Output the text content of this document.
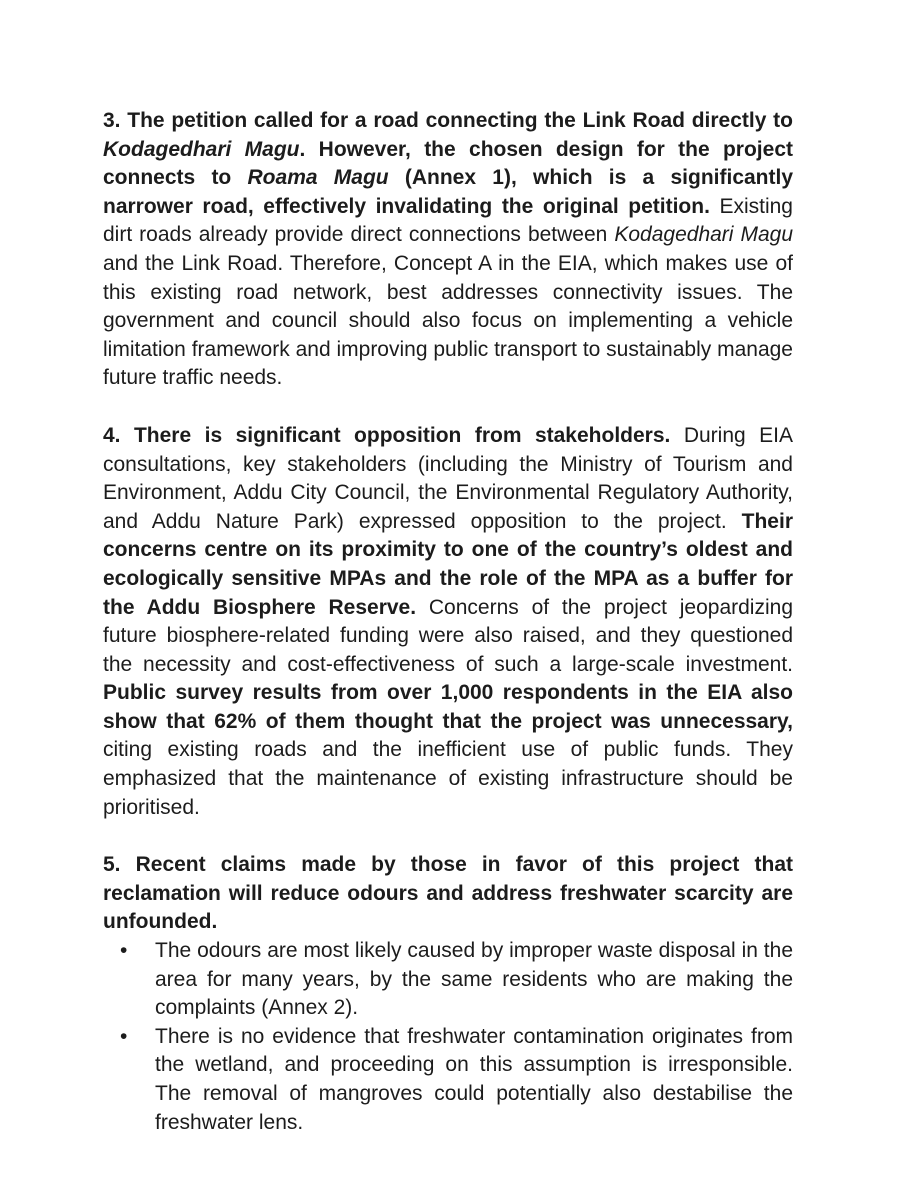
3. The petition called for a road connecting the Link Road directly to Kodagedhari Magu. However, the chosen design for the project connects to Roama Magu (Annex 1), which is a significantly narrower road, effectively invalidating the original petition. Existing dirt roads already provide direct connections between Kodagedhari Magu and the Link Road. Therefore, Concept A in the EIA, which makes use of this existing road network, best addresses connectivity issues. The government and council should also focus on implementing a vehicle limitation framework and improving public transport to sustainably manage future traffic needs.

4. There is significant opposition from stakeholders. During EIA consultations, key stakeholders (including the Ministry of Tourism and Environment, Addu City Council, the Environmental Regulatory Authority, and Addu Nature Park) expressed opposition to the project. Their concerns centre on its proximity to one of the country’s oldest and ecologically sensitive MPAs and the role of the MPA as a buffer for the Addu Biosphere Reserve. Concerns of the project jeopardizing future biosphere-related funding were also raised, and they questioned the necessity and cost-effectiveness of such a large-scale investment. Public survey results from over 1,000 respondents in the EIA also show that 62% of them thought that the project was unnecessary, citing existing roads and the inefficient use of public funds. They emphasized that the maintenance of existing infrastructure should be prioritised.

5. Recent claims made by those in favor of this project that reclamation will reduce odours and address freshwater scarcity are unfounded.

• The odours are most likely caused by improper waste disposal in the area for many years, by the same residents who are making the complaints (Annex 2).
• There is no evidence that freshwater contamination originates from the wetland, and proceeding on this assumption is irresponsible. The removal of mangroves could potentially also destabilise the freshwater lens.
